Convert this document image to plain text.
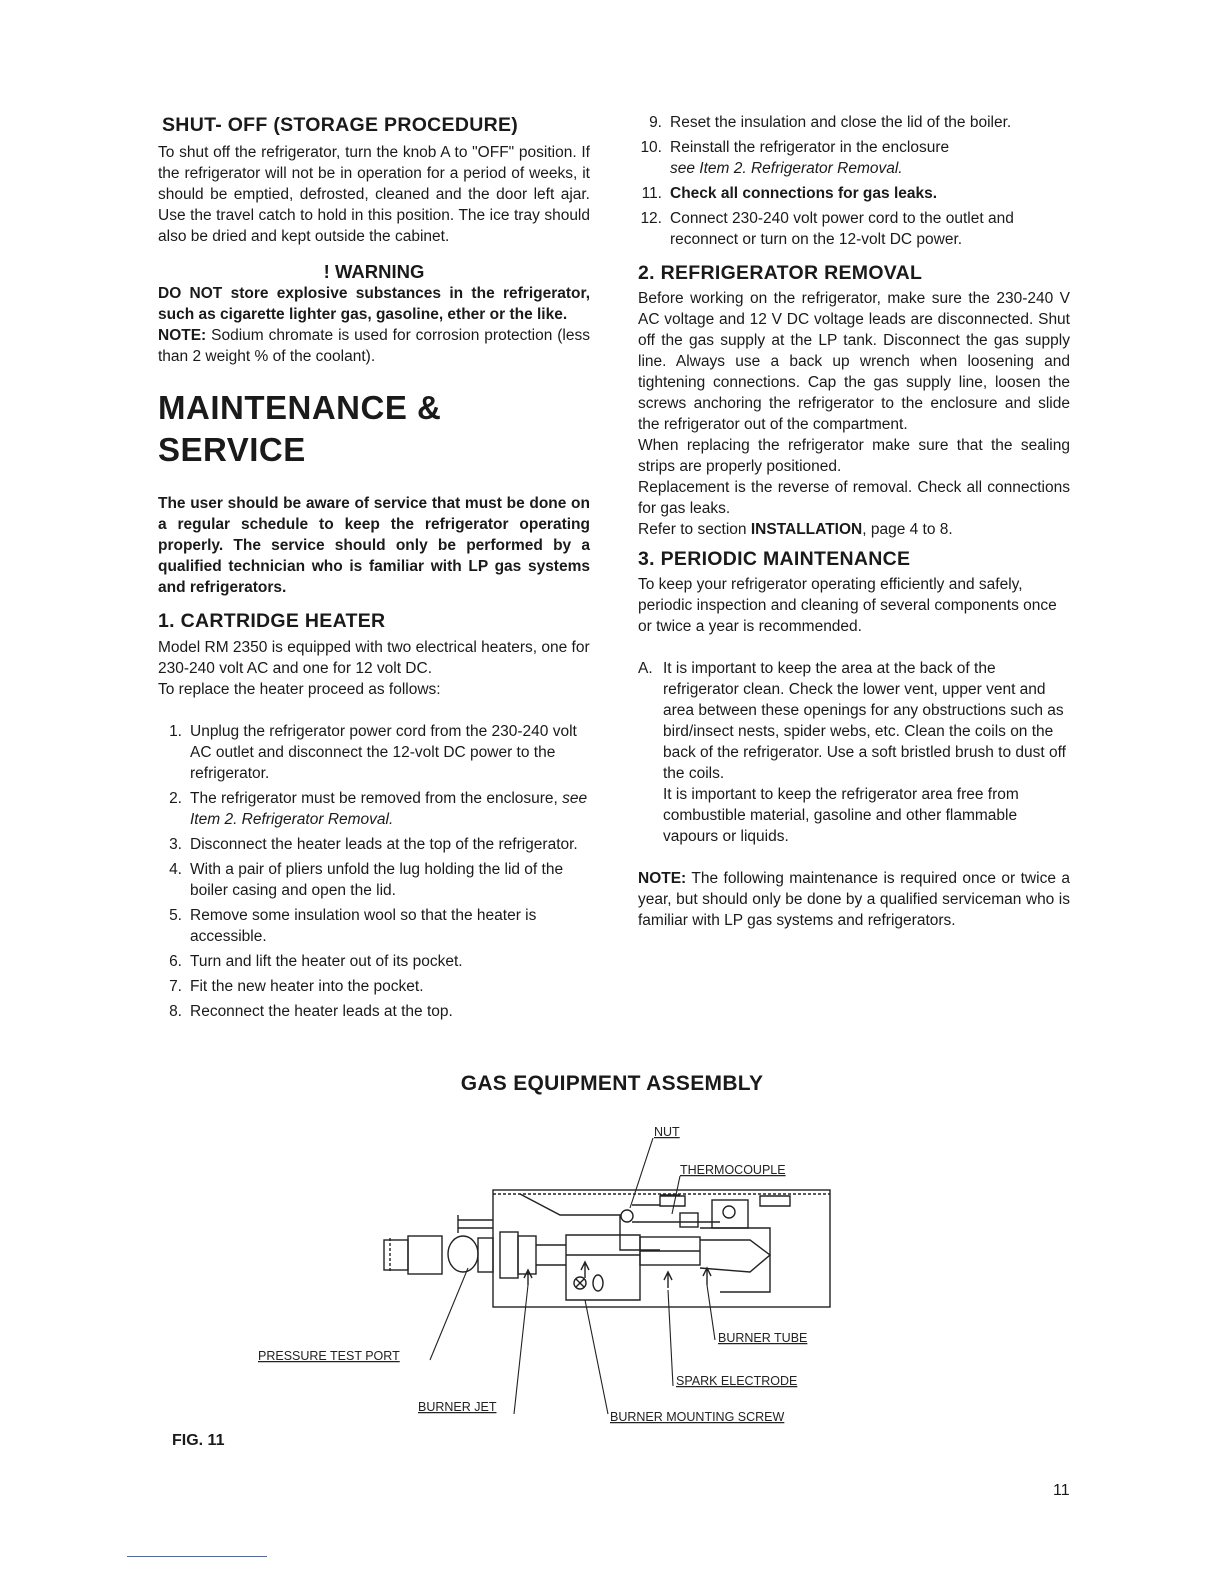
SHUT- OFF (STORAGE PROCEDURE)

To shut off the refrigerator, turn the knob A to "OFF" position. If the refrigerator will not be in operation for a period of weeks, it should be emptied, defrosted, cleaned and the door left ajar. Use the travel catch to hold in this position. The ice tray should also be dried and kept outside the cabinet.

! WARNING

DO NOT store explosive substances in the refrigerator, such as cigarette lighter gas, gasoline, ether or the like.

NOTE: Sodium chromate is used for corrosion protection (less than 2 weight % of the coolant).

MAINTENANCE & SERVICE

The user should be aware of service that must be done on a regular schedule to keep the refrigerator operating properly. The service should only be performed by a qualified technician who is familiar with LP gas systems and refrigerators.

1. CARTRIDGE HEATER

Model RM 2350 is equipped with two electrical heaters, one for 230-240 volt AC and one for 12 volt DC.

To replace the heater proceed as follows:

1. Unplug the refrigerator power cord from the 230-240 volt AC outlet and disconnect the 12-volt DC power to the refrigerator.
2. The refrigerator must be removed from the enclosure, see Item 2. Refrigerator Removal.
3. Disconnect the heater leads at the top of the refrigerator.
4. With a pair of pliers unfold the lug holding the lid of the boiler casing and open the lid.
5. Remove some insulation wool so that the heater is accessible.
6. Turn and lift the heater out of its pocket.
7. Fit the new heater into the pocket.
8. Reconnect the heater leads at the top.
9. Reset the insulation and close the lid of the boiler.
10. Reinstall the refrigerator in the enclosure
see Item 2. Refrigerator Removal.
11. Check all connections for gas leaks.
12. Connect 230-240 volt power cord to the outlet and reconnect or turn on the 12-volt DC power.
2. REFRIGERATOR REMOVAL

Before working on the refrigerator, make sure the 230-240 V AC voltage and 12 V DC voltage leads are disconnected. Shut off the gas supply at the LP tank. Disconnect the gas supply line. Always use a back up wrench when loosening and tightening connections. Cap the gas supply line, loosen the screws anchoring the refrigerator to the enclosure and slide the refrigerator out of the compartment.

When replacing the refrigerator make sure that the sealing strips are properly positioned.

Replacement is the reverse of removal. Check all connections for gas leaks.

Refer to section INSTALLATION, page 4 to 8.

3. PERIODIC MAINTENANCE

To keep your refrigerator operating efficiently and safely, periodic inspection and cleaning of several components once or twice a year is recommended.

A. It is important to keep the area at the back of the refrigerator clean. Check the lower vent, upper vent and area between these openings for any obstructions such as bird/insect nests, spider webs, etc. Clean the coils on the back of the refrigerator. Use a soft bristled brush to dust off the coils.
It is important to keep the refrigerator area free from combustible material, gasoline and other flammable vapours or liquids.

NOTE: The following maintenance is required once or twice a year, but should only be done by a qualified serviceman who is familiar with LP gas systems and refrigerators.

GAS EQUIPMENT ASSEMBLY
NUT
THERMOCOUPLE
PRESSURE TEST PORT
BURNER JET
BURNER TUBE
SPARK ELECTRODE
BURNER MOUNTING SCREW
FIG. 11
11
